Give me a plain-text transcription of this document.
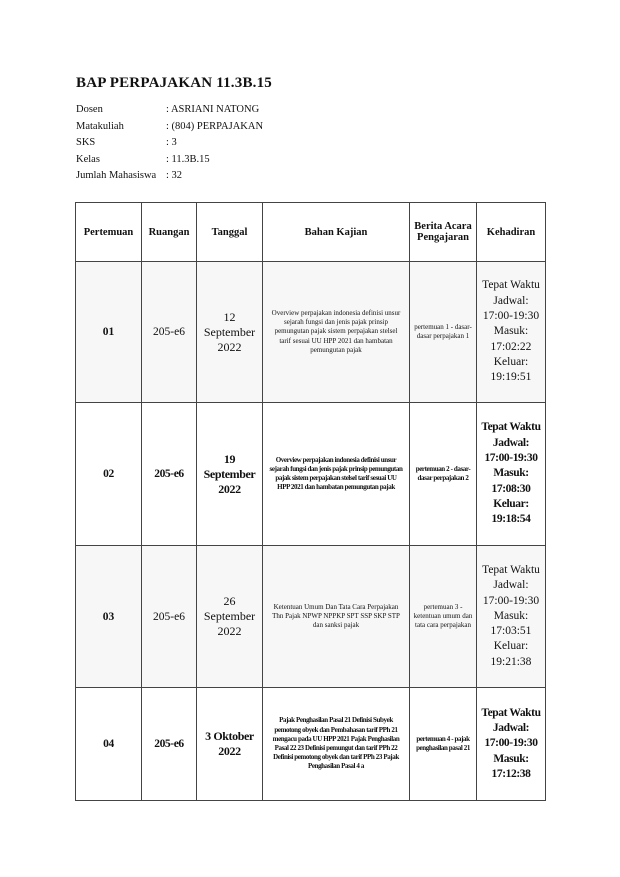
BAP PERPAJAKAN 11.3B.15
Dosen	: ASRIANI NATONG
Matakuliah	: (804) PERPAJAKAN
SKS	: 3
Kelas	: 11.3B.15
Jumlah Mahasiswa : 32
Pertemuan	Ruangan	Tanggal	Bahan Kajian	Berita Acara Pengajaran	Kehadiran
01	205-e6	12 September 2022	Overview perpajakan indonesia definisi unsur sejarah fungsi dan jenis pajak prinsip pemungutan pajak sistem perpajakan stelsel tarif sesuai UU HPP 2021 dan hambatan pemungutan pajak	pertemuan 1 - dasar-dasar perpajakan 1	Tepat Waktu Jadwal: 17:00-19:30 Masuk: 17:02:22 Keluar: 19:19:51
02	205-e6	19 September 2022	Overview perpajakan indonesia definisi unsur sejarah fungsi dan jenis pajak prinsip pemungutan pajak sistem perpajakan stelsel tarif sesuai UU HPP 2021 dan hambatan pemungutan pajak	pertemuan 2 - dasar-dasar perpajakan 2	Tepat Waktu Jadwal: 17:00-19:30 Masuk: 17:08:30 Keluar: 19:18:54
03	205-e6	26 September 2022	Ketentuan Umum Dan Tata Cara Perpajakan Thn Pajak NPWP NPPKP SPT SSP SKP STP dan sanksi pajak	pertemuan 3 - ketentuan umum dan tata cara perpajakan	Tepat Waktu Jadwal: 17:00-19:30 Masuk: 17:03:51 Keluar: 19:21:38
04	205-e6	3 Oktober 2022	Pajak Penghasilan Pasal 21 Definisi Subyek pemotong obyek dan Pembahasan tarif PPh 21 mengacu pada UU HPP 2021 Pajak Penghasilan Pasal 22 23 Definisi pemungut dan tarif PPh 22 Definisi pemotong obyek dan tarif PPh 23 Pajak Penghasilan Pasal 4 a	pertemuan 4 - pajak penghasilan pasal 21	Tepat Waktu Jadwal: 17:00-19:30 Masuk: 17:12:38
